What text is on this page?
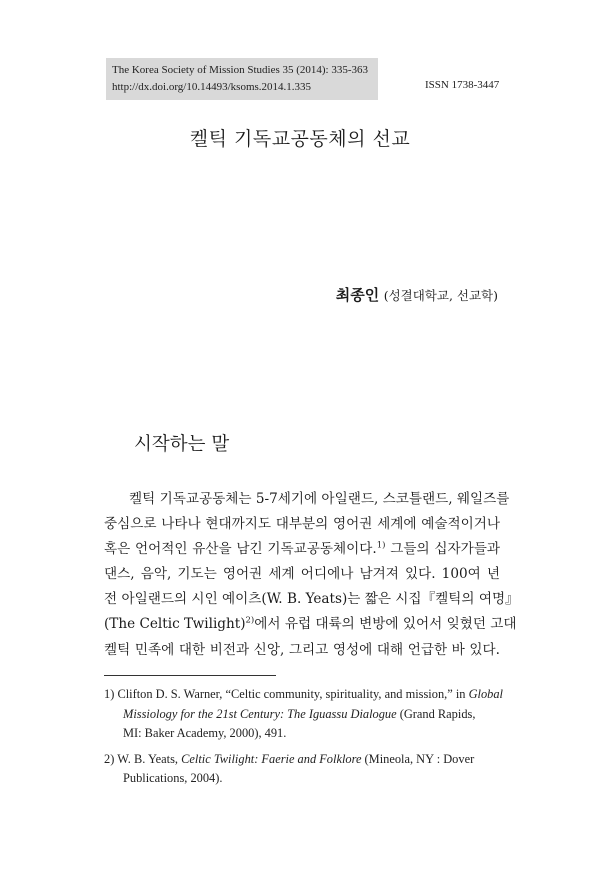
The Korea Society of Mission Studies 35 (2014): 335-363
http://dx.doi.org/10.14493/ksoms.2014.1.335	ISSN 1738-3447
켈틱 기독교공동체의 선교
최종인 (성결대학교, 선교학)
시작하는 말
켈틱 기독교공동체는 5-7세기에 아일랜드, 스코틀랜드, 웨일즈를
중심으로 나타나 현대까지도 대부분의 영어권 세계에 예술적이거나
혹은 언어적인 유산을 남긴 기독교공동체이다.$^{1)}$ 그들의 십자가들과
댄스, 음악, 기도는 영어권 세계 어디에나 남겨져 있다. 100여 년
전 아일랜드의 시인 예이츠(W. B. Yeats)는 짧은 시집『켈틱의 여명』
(The Celtic Twilight)$^{2)}$에서 유럽 대륙의 변방에 있어서 잊혔던 고대
켈틱 민족에 대한 비전과 신앙, 그리고 영성에 대해 언급한 바 있다.
1) Clifton D. S. Warner, “Celtic community, spirituality, and mission,” in Global
Missiology for the 21st Century: The Iguassu Dialogue (Grand Rapids,
MI: Baker Academy, 2000), 491.
2) W. B. Yeats, Celtic Twilight: Faerie and Folklore (Mineola, NY : Dover
Publications, 2004).
